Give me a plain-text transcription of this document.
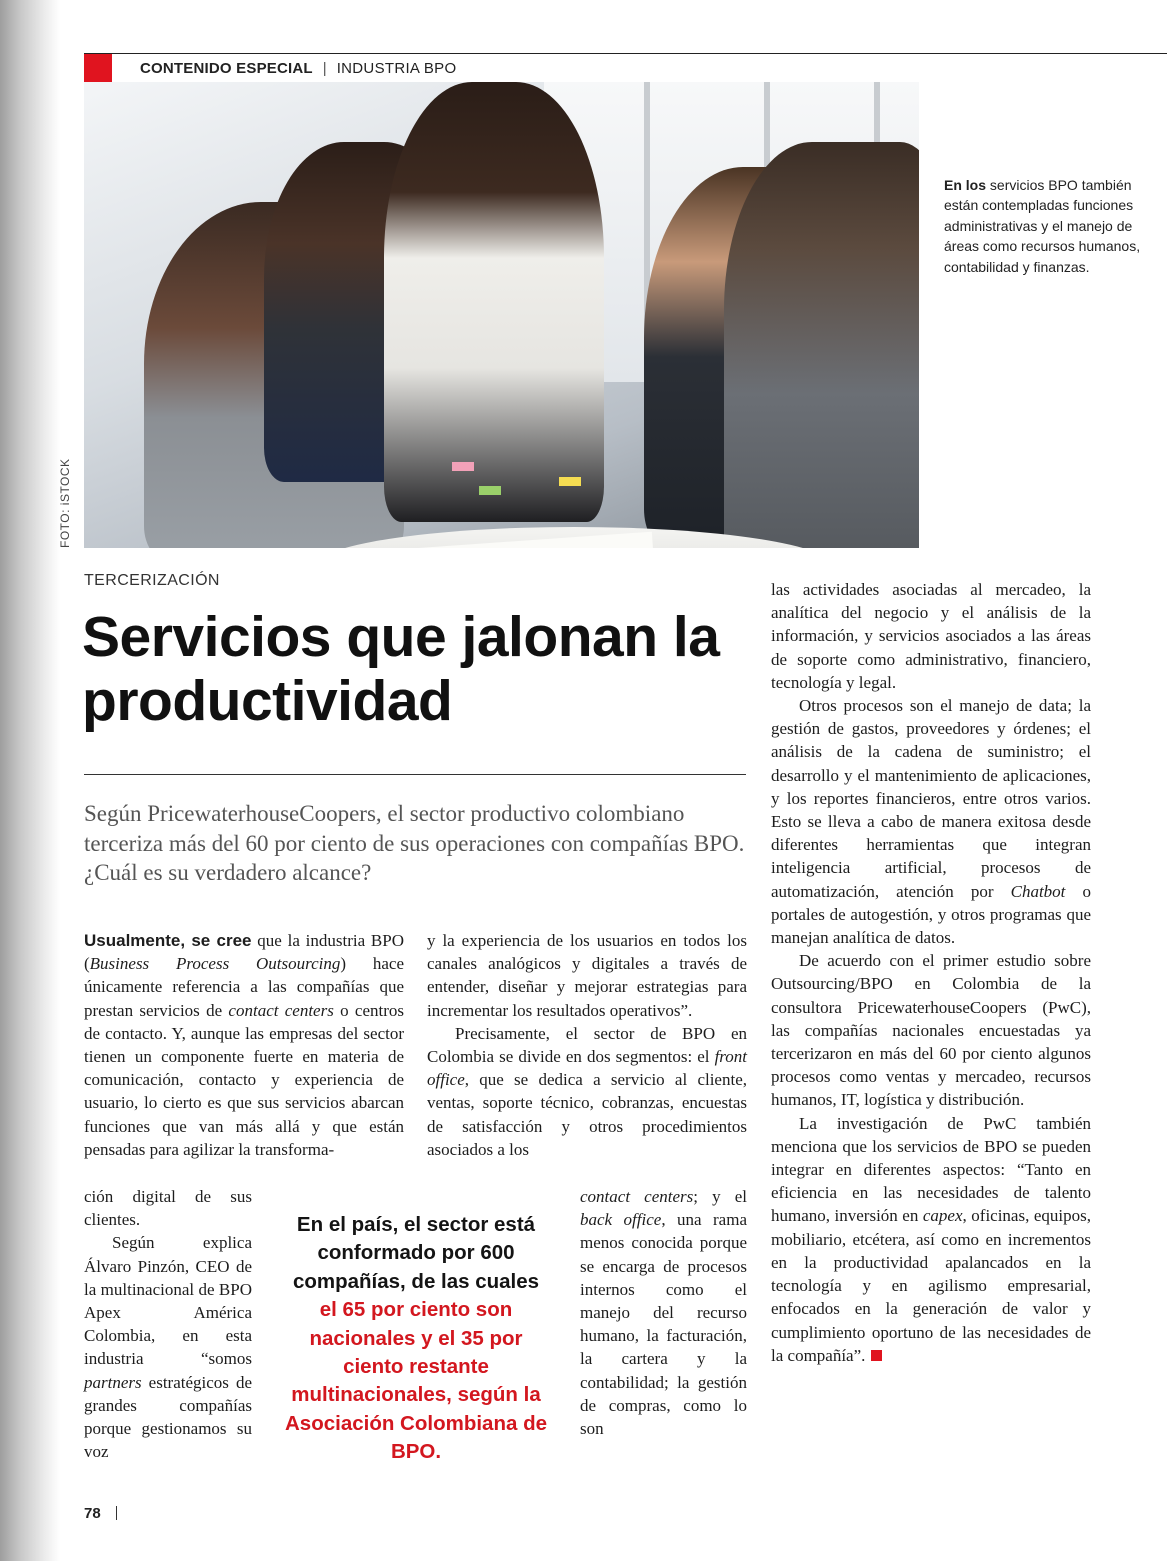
CONTENIDO ESPECIAL | INDUSTRIA BPO
FOTO: iSTOCK
En los servicios BPO también están contempladas funciones administrativas y el manejo de áreas como recursos humanos, contabilidad y finanzas.
TERCERIZACIÓN
Servicios que jalonan la productividad
Según PricewaterhouseCoopers, el sector productivo colombiano terceriza más del 60 por ciento de sus operaciones con compañías BPO. ¿Cuál es su verdadero alcance?

Usualmente, se cree que la industria BPO (Business Process Outsourcing) hace únicamente referencia a las compañías que prestan servicios de contact centers o centros de contacto. Y, aunque las empresas del sector tienen un componente fuerte en materia de comunicación, contacto y experiencia de usuario, lo cierto es que sus servicios abarcan funciones que van más allá y que están pensadas para agilizar la transforma-

ción digital de sus clientes.

Según explica Álvaro Pinzón, CEO de la multinacional de BPO Apex América Colombia, en esta industria “somos partners estratégicos de grandes compañías porque gestionamos su voz

y la experiencia de los usuarios en todos los canales analógicos y digitales a través de entender, diseñar y mejorar estrategias para incrementar los resultados operativos”.

Precisamente, el sector de BPO en Colombia se divide en dos segmentos: el front office, que se dedica a servicio al cliente, ventas, soporte técnico, cobranzas, encuestas de satisfacción y otros procedimientos asociados a los

contact centers; y el back office, una rama menos conocida porque se encarga de procesos internos como el manejo del recurso humano, la facturación, la cartera y la contabilidad; la gestión de compras, como lo son

En el país, el sector está conformado por 600 compañías, de las cuales el 65 por ciento son nacionales y el 35 por ciento restante multinacionales, según la Asociación Colombiana de BPO.

las actividades asociadas al mercadeo, la analítica del negocio y el análisis de la información, y servicios asociados a las áreas de soporte como administrativo, financiero, tecnología y legal.

Otros procesos son el manejo de data; la gestión de gastos, proveedores y órdenes; el análisis de la cadena de suministro; el desarrollo y el mantenimiento de aplicaciones, y los reportes financieros, entre otros varios. Esto se lleva a cabo de manera exitosa desde diferentes herramientas que integran inteligencia artificial, procesos de automatización, atención por Chatbot o portales de autogestión, y otros programas que manejan analítica de datos.

De acuerdo con el primer estudio sobre Outsourcing/BPO en Colombia de la consultora PricewaterhouseCoopers (PwC), las compañías nacionales encuestadas ya tercerizaron en más del 60 por ciento algunos procesos como ventas y mercadeo, recursos humanos, IT, logística y distribución.

La investigación de PwC también menciona que los servicios de BPO se pueden integrar en diferentes aspectos: “Tanto en eficiencia en las necesidades de talento humano, inversión en capex, oficinas, equipos, mobiliario, etcétera, así como en incrementos en la productividad apalancados en la tecnología y en agilismo empresarial, enfocados en la generación de valor y cumplimiento oportuno de las necesidades de la compañía”.

78
